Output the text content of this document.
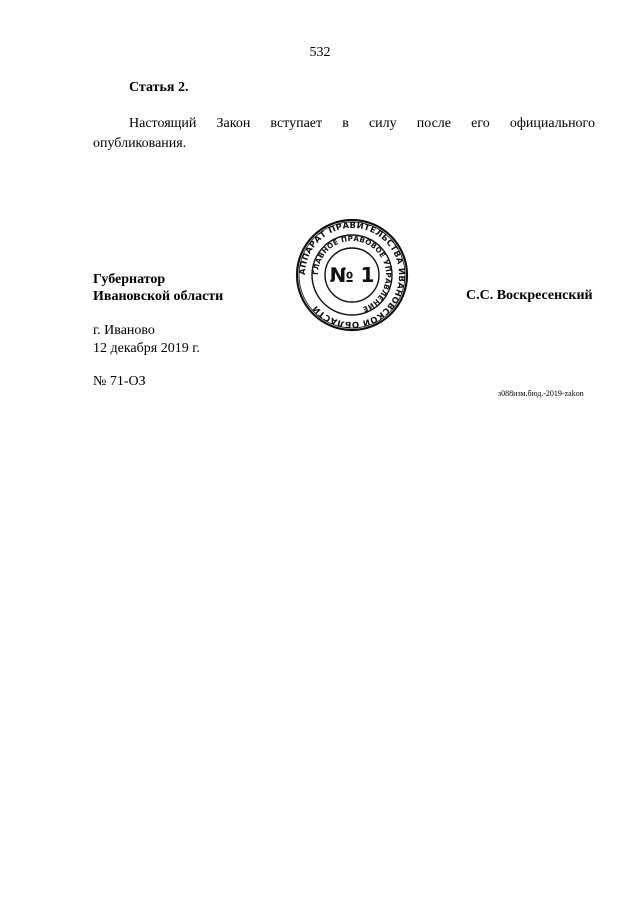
532
Статья 2.
Настоящий Закон вступает в силу после его официального
опубликования.
АППАРАТ ПРАВИТЕЛЬСТВА ИВАНОВСКОЙ ОБЛАСТИ
ГЛАВНОЕ ПРАВОВОЕ УПРАВЛЕНИЕ
№ 1
Губернатор
Ивановской области	С.С. Воскресенский
г. Иваново
12 декабря 2019 г.
№ 71-ОЗ
з088изм.бюд.-2019-zakon
